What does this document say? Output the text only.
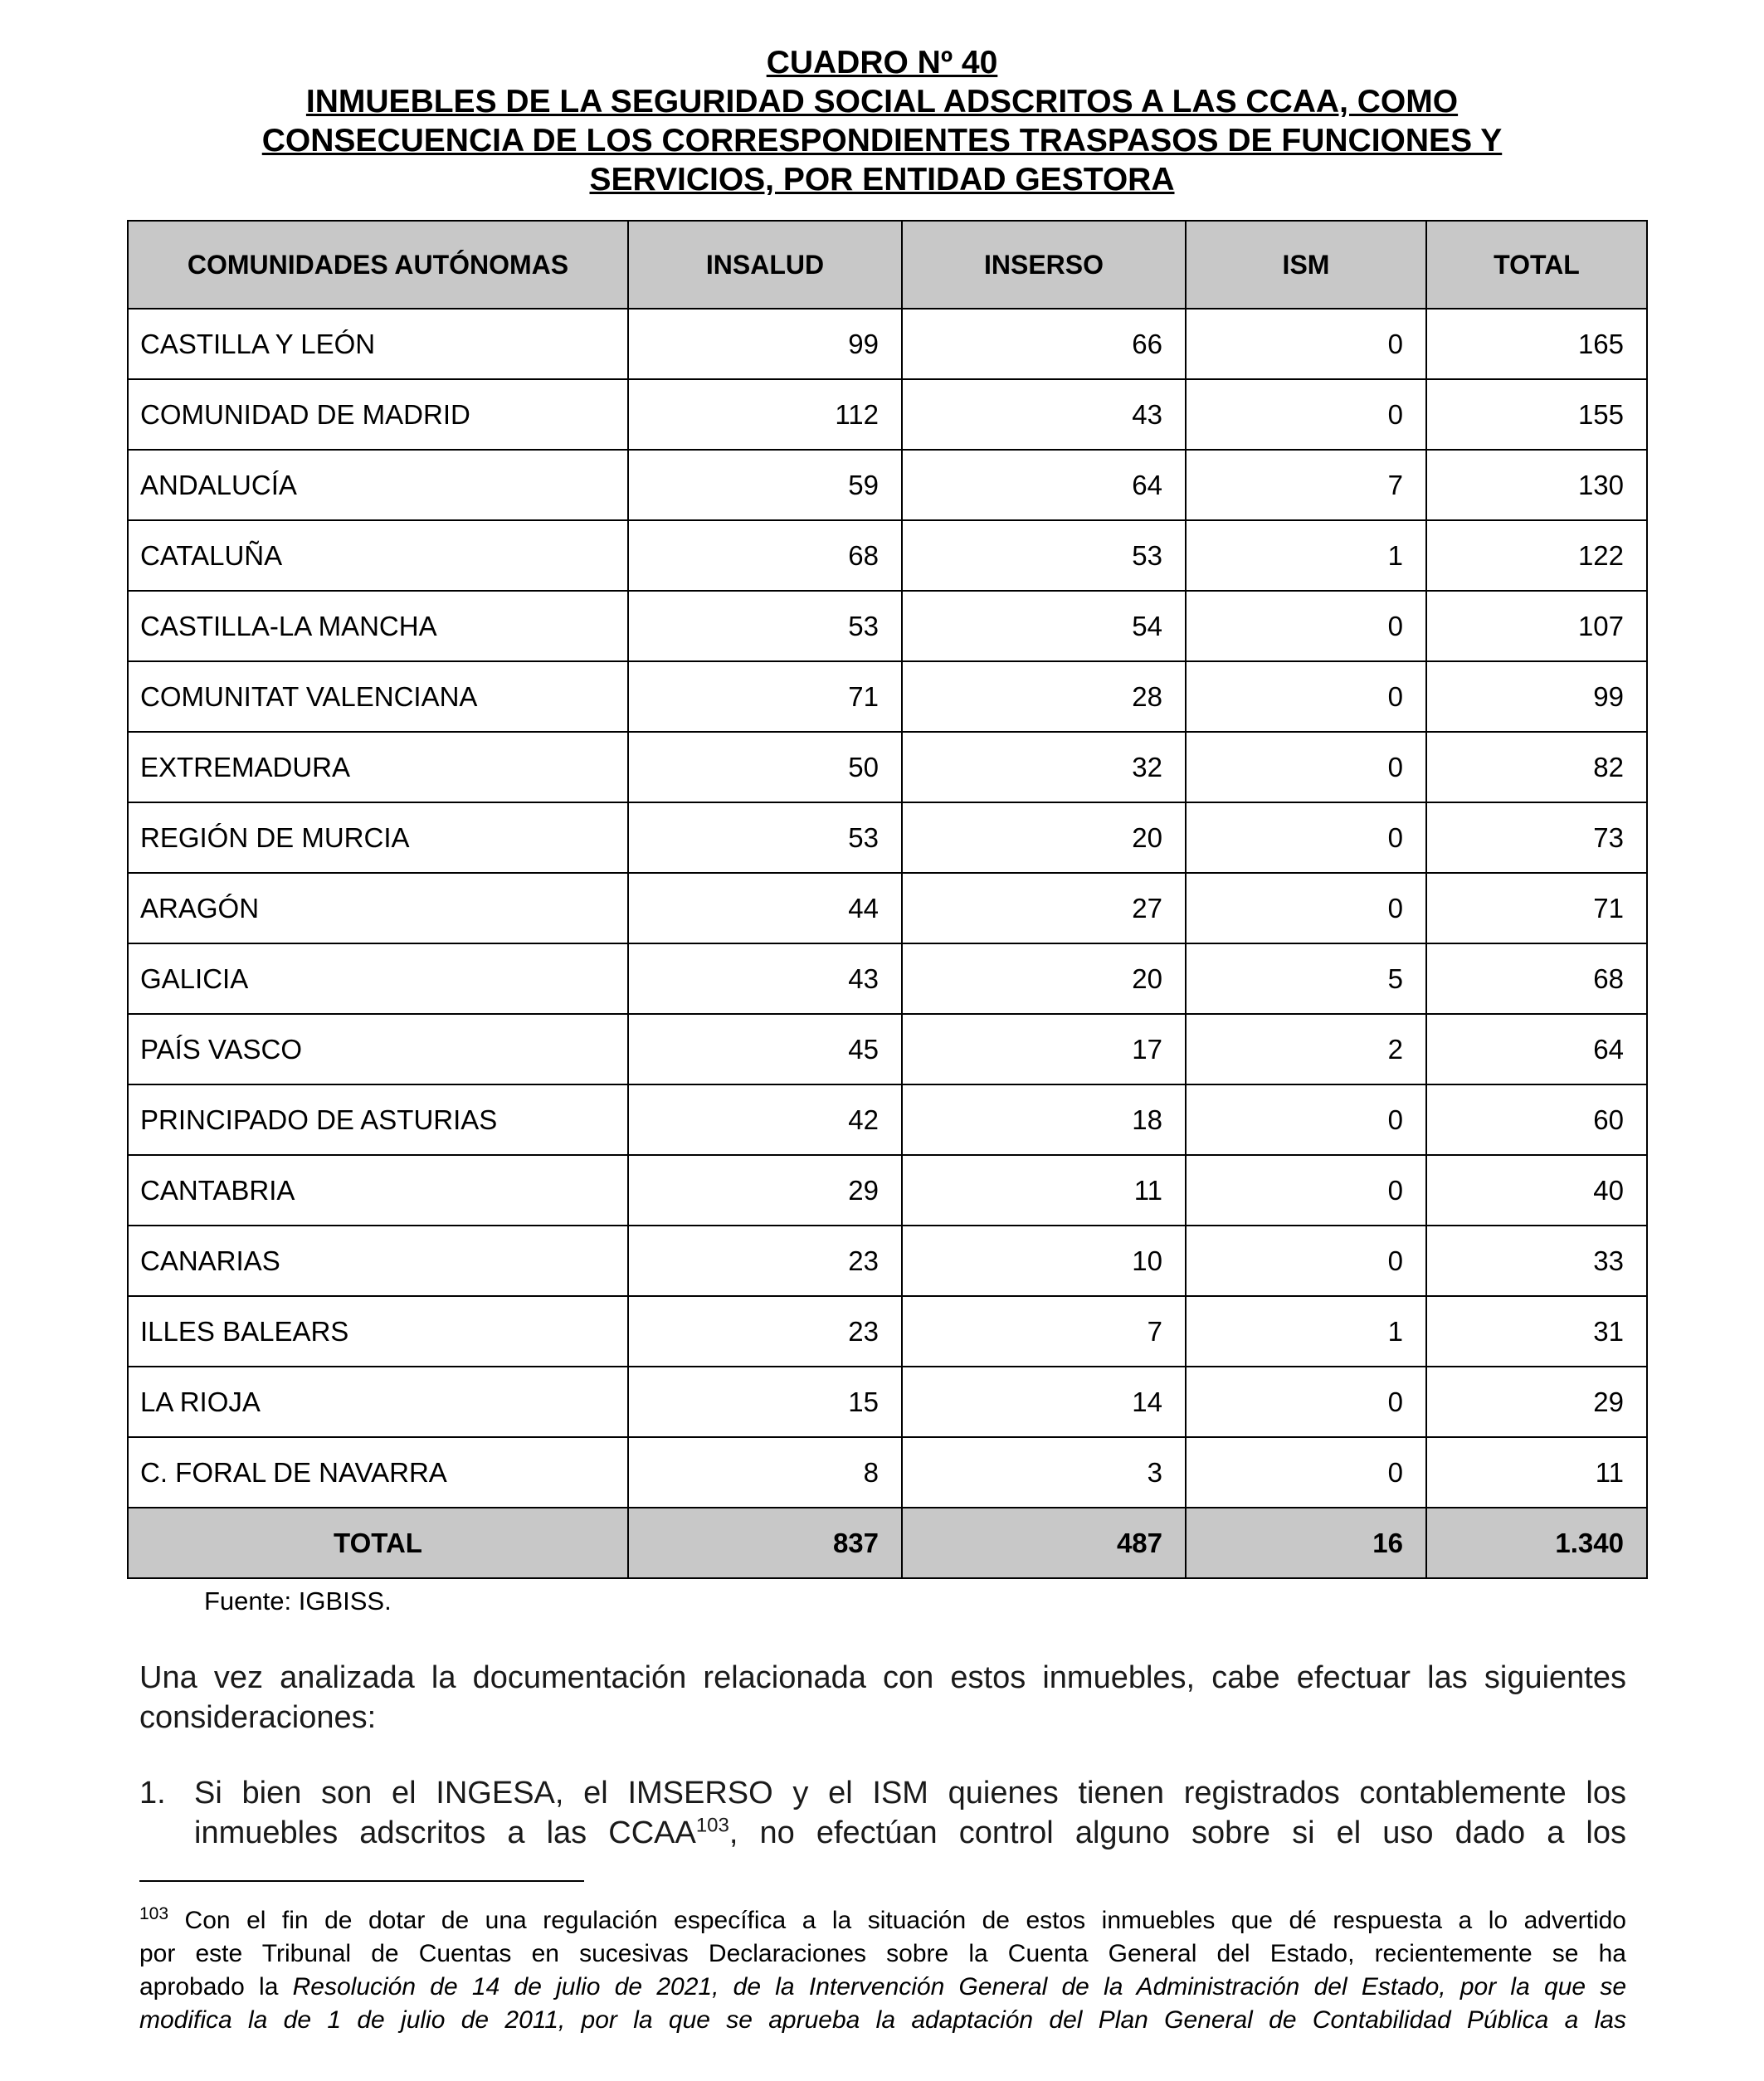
CUADRO Nº 40
INMUEBLES DE LA SEGURIDAD SOCIAL ADSCRITOS A LAS CCAA, COMO
CONSECUENCIA DE LOS CORRESPONDIENTES TRASPASOS DE FUNCIONES Y
SERVICIOS, POR ENTIDAD GESTORA
COMUNIDADES AUTÓNOMAS	INSALUD	INSERSO	ISM	TOTAL
CASTILLA Y LEÓN	99	66	0	165
COMUNIDAD DE MADRID	112	43	0	155
ANDALUCÍA	59	64	7	130
CATALUÑA	68	53	1	122
CASTILLA-LA MANCHA	53	54	0	107
COMUNITAT VALENCIANA	71	28	0	99
EXTREMADURA	50	32	0	82
REGIÓN DE MURCIA	53	20	0	73
ARAGÓN	44	27	0	71
GALICIA	43	20	5	68
PAÍS VASCO	45	17	2	64
PRINCIPADO DE ASTURIAS	42	18	0	60
CANTABRIA	29	11	0	40
CANARIAS	23	10	0	33
ILLES BALEARS	23	7	1	31
LA RIOJA	15	14	0	29
C. FORAL DE NAVARRA	8	3	0	11
TOTAL	837	487	16	1.340
Fuente: IGBISS.
Una vez analizada la documentación relacionada con estos inmuebles, cabe efectuar las siguientes consideraciones:
1. Si bien son el INGESA, el IMSERSO y el ISM quienes tienen registrados contablemente los
inmuebles adscritos a las CCAA$^{103}$, no efectúan control alguno sobre si el uso dado a los
$^{103}$ Con el fin de dotar de una regulación específica a la situación de estos inmuebles que dé respuesta a lo advertido
por este Tribunal de Cuentas en sucesivas Declaraciones sobre la Cuenta General del Estado, recientemente se ha
aprobado la Resolución de 14 de julio de 2021, de la Intervención General de la Administración del Estado, por la que se
modifica la de 1 de julio de 2011, por la que se aprueba la adaptación del Plan General de Contabilidad Pública a las
